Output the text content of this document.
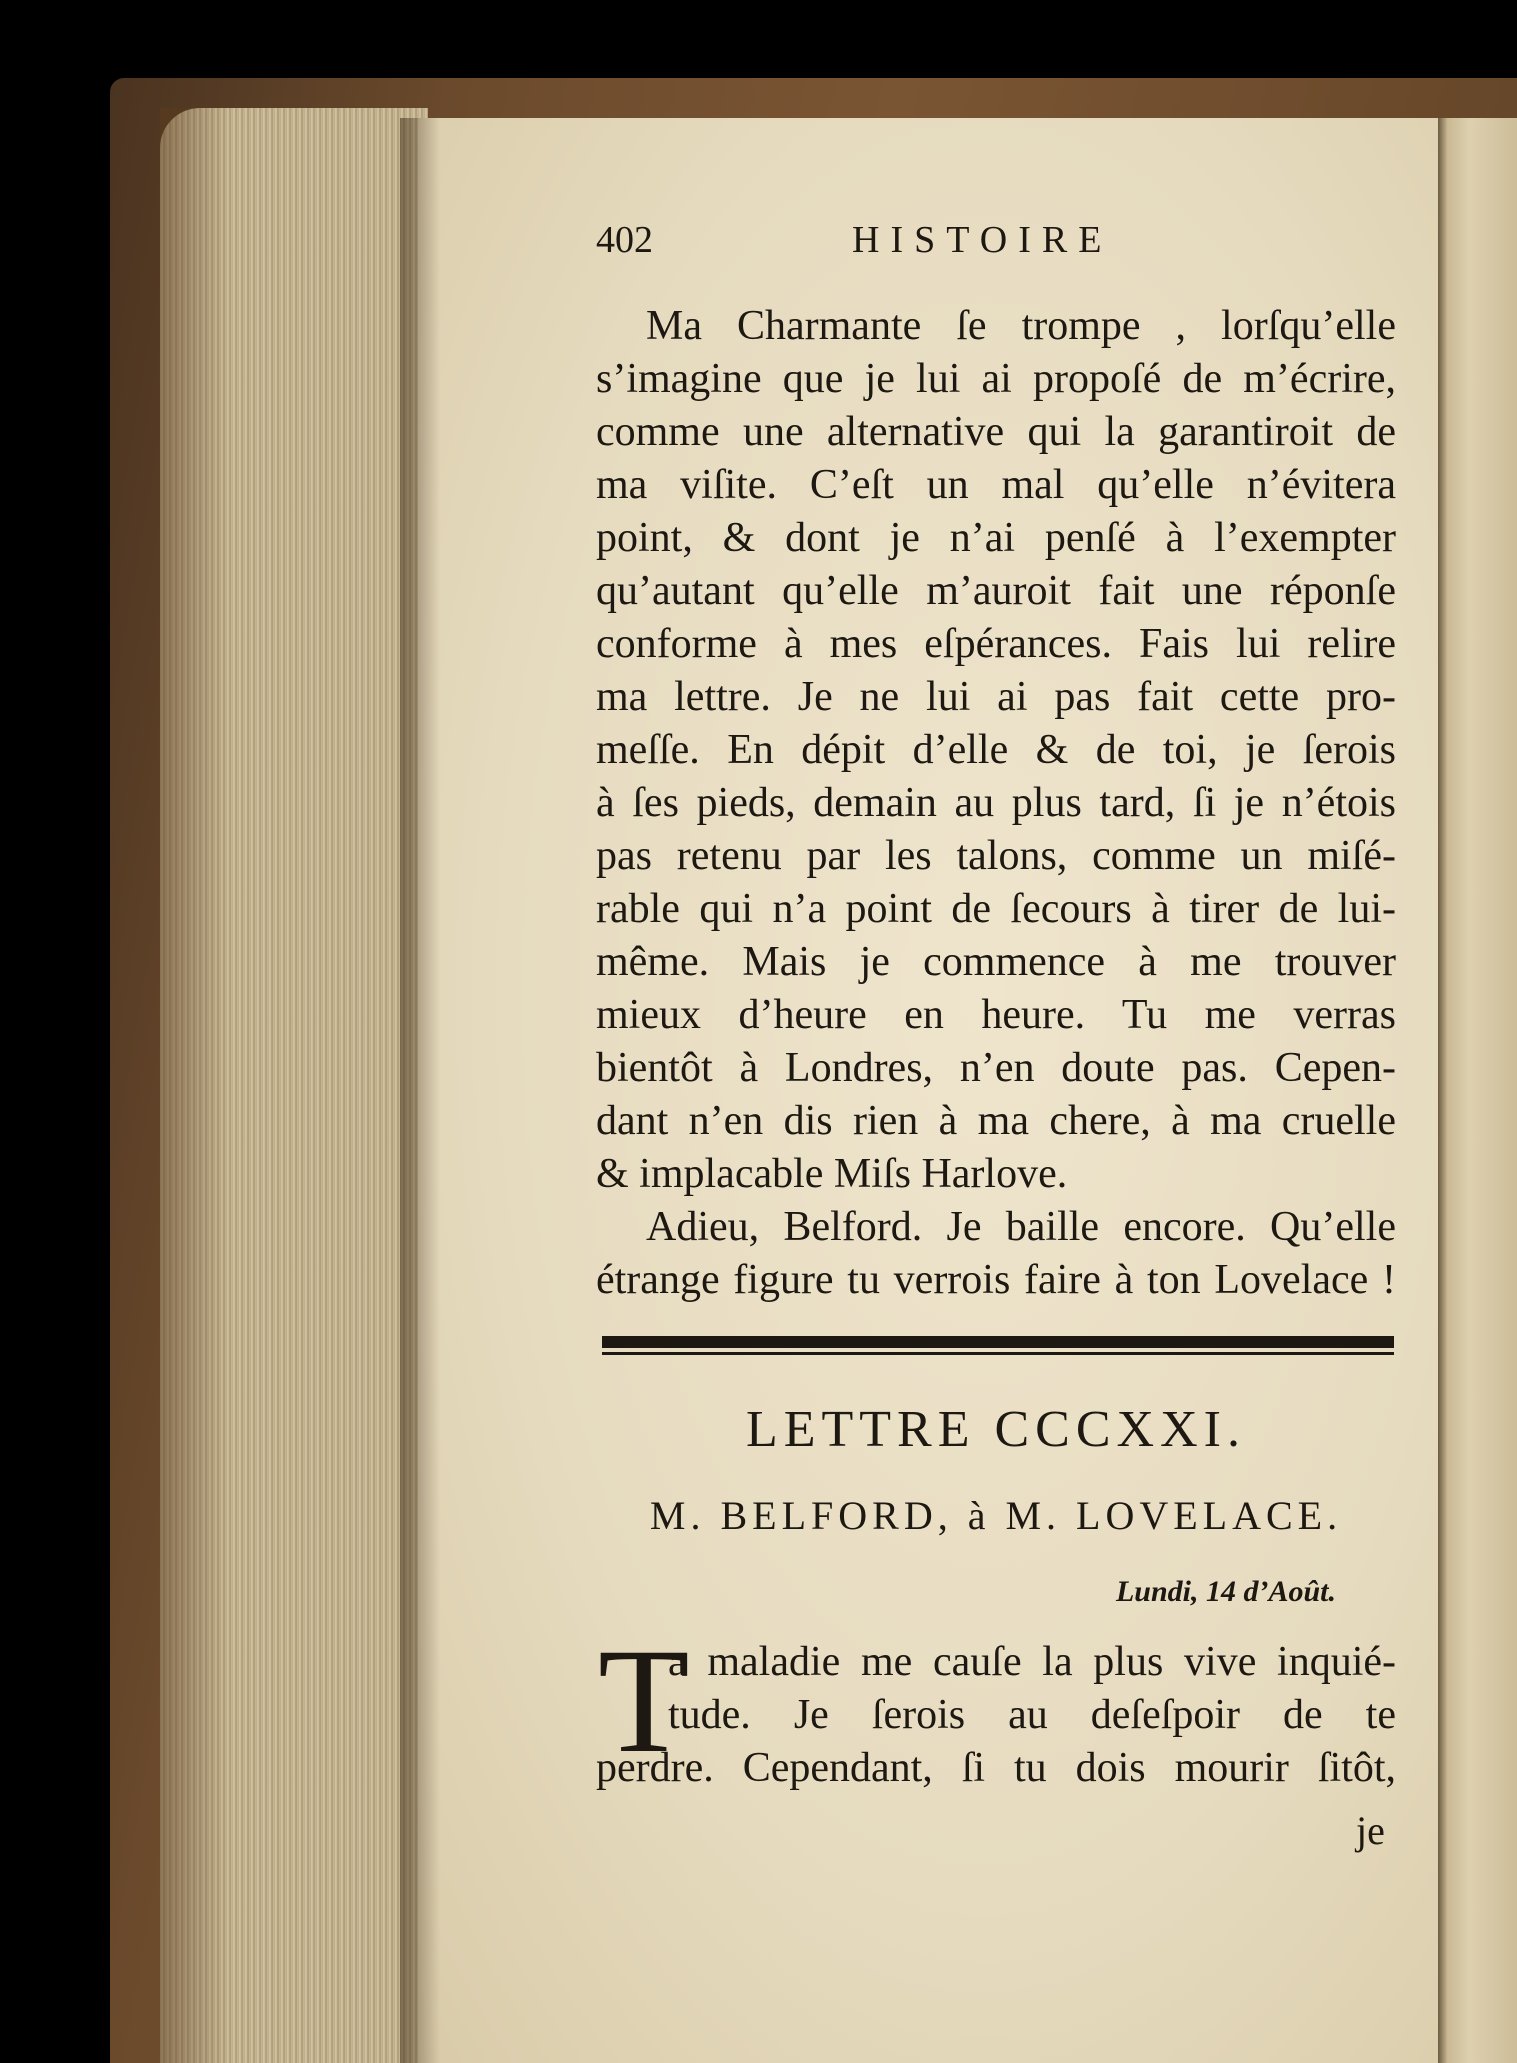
402	HISTOIRE
Ma Charmante ſe trompe , lorſqu’elle
s’imagine que je lui ai propoſé de m’écrire,
comme une alternative qui la garantiroit de
ma viſite. C’eſt un mal qu’elle n’évitera
point, & dont je n’ai penſé à l’exempter
qu’autant qu’elle m’auroit fait une réponſe
conforme à mes eſpérances. Fais lui relire
ma lettre. Je ne lui ai pas fait cette pro-
meſſe. En dépit d’elle & de toi, je ſerois
à ſes pieds, demain au plus tard, ſi je n’étois
pas retenu par les talons, comme un miſé-
rable qui n’a point de ſecours à tirer de lui-
même. Mais je commence à me trouver
mieux d’heure en heure. Tu me verras
bientôt à Londres, n’en doute pas. Cepen-
dant n’en dis rien à ma chere, à ma cruelle
& implacable Miſs Harlove.
Adieu, Belford. Je baille encore. Qu’elle
étrange figure tu verrois faire à ton Lovelace !
LETTRE CCCXXI.
M. BELFORD, à M. LOVELACE.
Lundi, 14 d’Août.
T
a maladie me cauſe la plus vive inquié-
tude. Je ſerois au deſeſpoir de te
perdre. Cependant, ſi tu dois mourir ſitôt,
je
